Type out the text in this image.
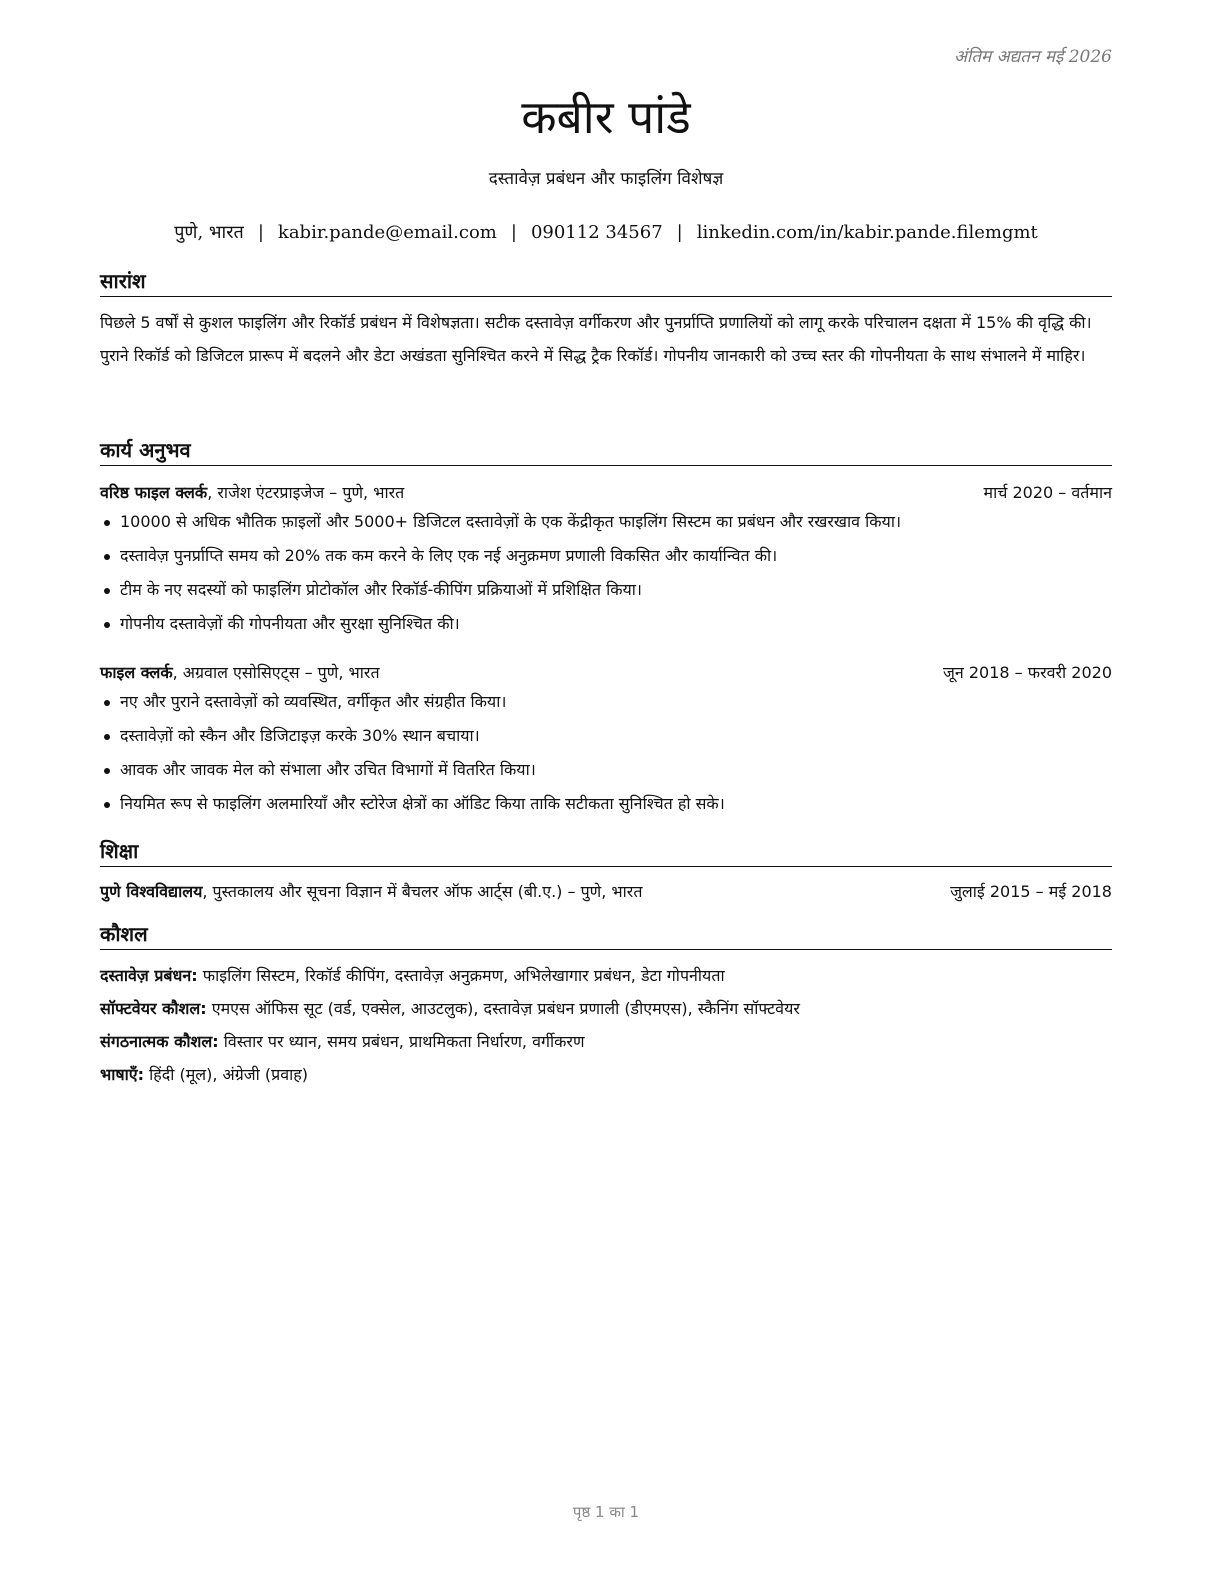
अंतिम अद्यतन मई 2026
कबीर पांडे
दस्तावेज़ प्रबंधन और फाइलिंग विशेषज्ञ
पुणे, भारत | kabir.pande@email.com | 090112 34567 | linkedin.com/in/kabir.pande.filemgmt
सारांश

पिछले 5 वर्षों से कुशल फाइलिंग और रिकॉर्ड प्रबंधन में विशेषज्ञता। सटीक दस्तावेज़ वर्गीकरण और पुनर्प्राप्ति प्रणालियों को लागू करके परिचालन दक्षता में 15% की वृद्धि की।

पुराने रिकॉर्ड को डिजिटल प्रारूप में बदलने और डेटा अखंडता सुनिश्चित करने में सिद्ध ट्रैक रिकॉर्ड। गोपनीय जानकारी को उच्च स्तर की गोपनीयता के साथ संभालने में माहिर।

कार्य अनुभव
वरिष्ठ फाइल क्लर्क, राजेश एंटरप्राइजेज – पुणे, भारत	मार्च 2020 – वर्तमान
10000 से अधिक भौतिक फ़ाइलों और 5000+ डिजिटल दस्तावेज़ों के एक केंद्रीकृत फाइलिंग सिस्टम का प्रबंधन और रखरखाव किया।
दस्तावेज़ पुनर्प्राप्ति समय को 20% तक कम करने के लिए एक नई अनुक्रमण प्रणाली विकसित और कार्यान्वित की।
टीम के नए सदस्यों को फाइलिंग प्रोटोकॉल और रिकॉर्ड-कीपिंग प्रक्रियाओं में प्रशिक्षित किया।
गोपनीय दस्तावेज़ों की गोपनीयता और सुरक्षा सुनिश्चित की।
फाइल क्लर्क, अग्रवाल एसोसिएट्स – पुणे, भारत	जून 2018 – फरवरी 2020
नए और पुराने दस्तावेज़ों को व्यवस्थित, वर्गीकृत और संग्रहीत किया।
दस्तावेज़ों को स्कैन और डिजिटाइज़ करके 30% स्थान बचाया।
आवक और जावक मेल को संभाला और उचित विभागों में वितरित किया।
नियमित रूप से फाइलिंग अलमारियाँ और स्टोरेज क्षेत्रों का ऑडिट किया ताकि सटीकता सुनिश्चित हो सके।
शिक्षा
पुणे विश्वविद्यालय, पुस्तकालय और सूचना विज्ञान में बैचलर ऑफ आर्ट्स (बी.ए.) – पुणे, भारत	जुलाई 2015 – मई 2018
कौशल
दस्तावेज़ प्रबंधन: फाइलिंग सिस्टम, रिकॉर्ड कीपिंग, दस्तावेज़ अनुक्रमण, अभिलेखागार प्रबंधन, डेटा गोपनीयता
सॉफ्टवेयर कौशल: एमएस ऑफिस सूट (वर्ड, एक्सेल, आउटलुक), दस्तावेज़ प्रबंधन प्रणाली (डीएमएस), स्कैनिंग सॉफ्टवेयर
संगठनात्मक कौशल: विस्तार पर ध्यान, समय प्रबंधन, प्राथमिकता निर्धारण, वर्गीकरण
भाषाएँ: हिंदी (मूल), अंग्रेजी (प्रवाह)
पृष्ठ 1 का 1
